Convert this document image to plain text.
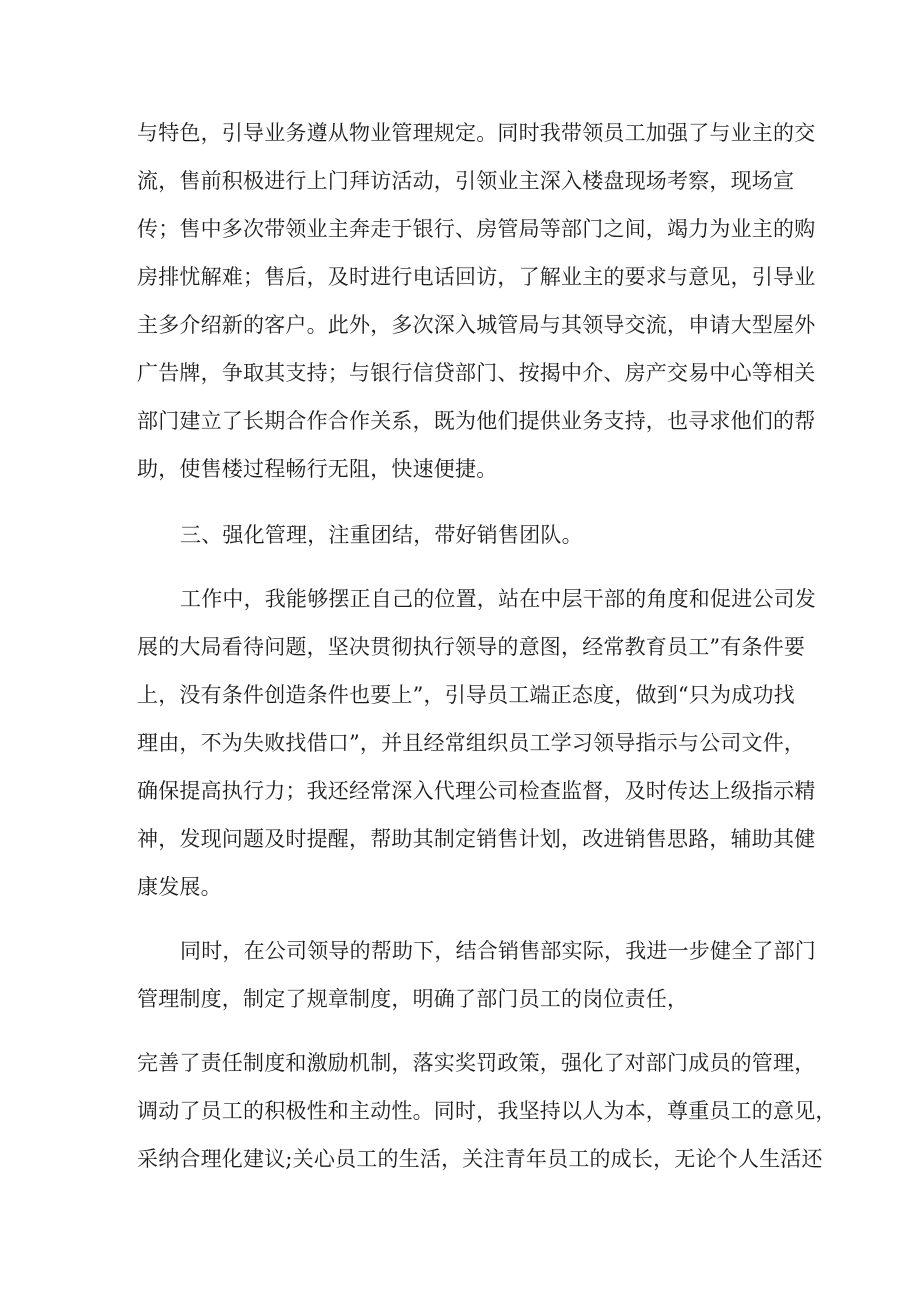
与特色，引导业务遵从物业管理规定。同时我带领员工加强了与业主的交
流，售前积极进行上门拜访活动，引领业主深入楼盘现场考察，现场宣
传；售中多次带领业主奔走于银行、房管局等部门之间，竭力为业主的购
房排忧解难；售后，及时进行电话回访，了解业主的要求与意见，引导业
主多介绍新的客户。此外，多次深入城管局与其领导交流，申请大型屋外
广告牌，争取其支持；与银行信贷部门、按揭中介、房产交易中心等相关
部门建立了长期合作合作关系，既为他们提供业务支持，也寻求他们的帮
助，使售楼过程畅行无阻，快速便捷。
三、强化管理，注重团结，带好销售团队。
工作中，我能够摆正自己的位置，站在中层干部的角度和促进公司发
展的大局看待问题，坚决贯彻执行领导的意图，经常教育员工”有条件要
上，没有条件创造条件也要上”，引导员工端正态度，做到“只为成功找
理由，不为失败找借口”，并且经常组织员工学习领导指示与公司文件，
确保提高执行力；我还经常深入代理公司检查监督，及时传达上级指示精
神，发现问题及时提醒，帮助其制定销售计划，改进销售思路，辅助其健
康发展。
同时，在公司领导的帮助下，结合销售部实际，我进一步健全了部门
管理制度，制定了规章制度，明确了部门员工的岗位责任，
完善了责任制度和激励机制，落实奖罚政策，强化了对部门成员的管理，
调动了员工的积极性和主动性。同时，我坚持以人为本，尊重员工的意见，
采纳合理化建议;关心员工的生活，关注青年员工的成长，无论个人生活还
